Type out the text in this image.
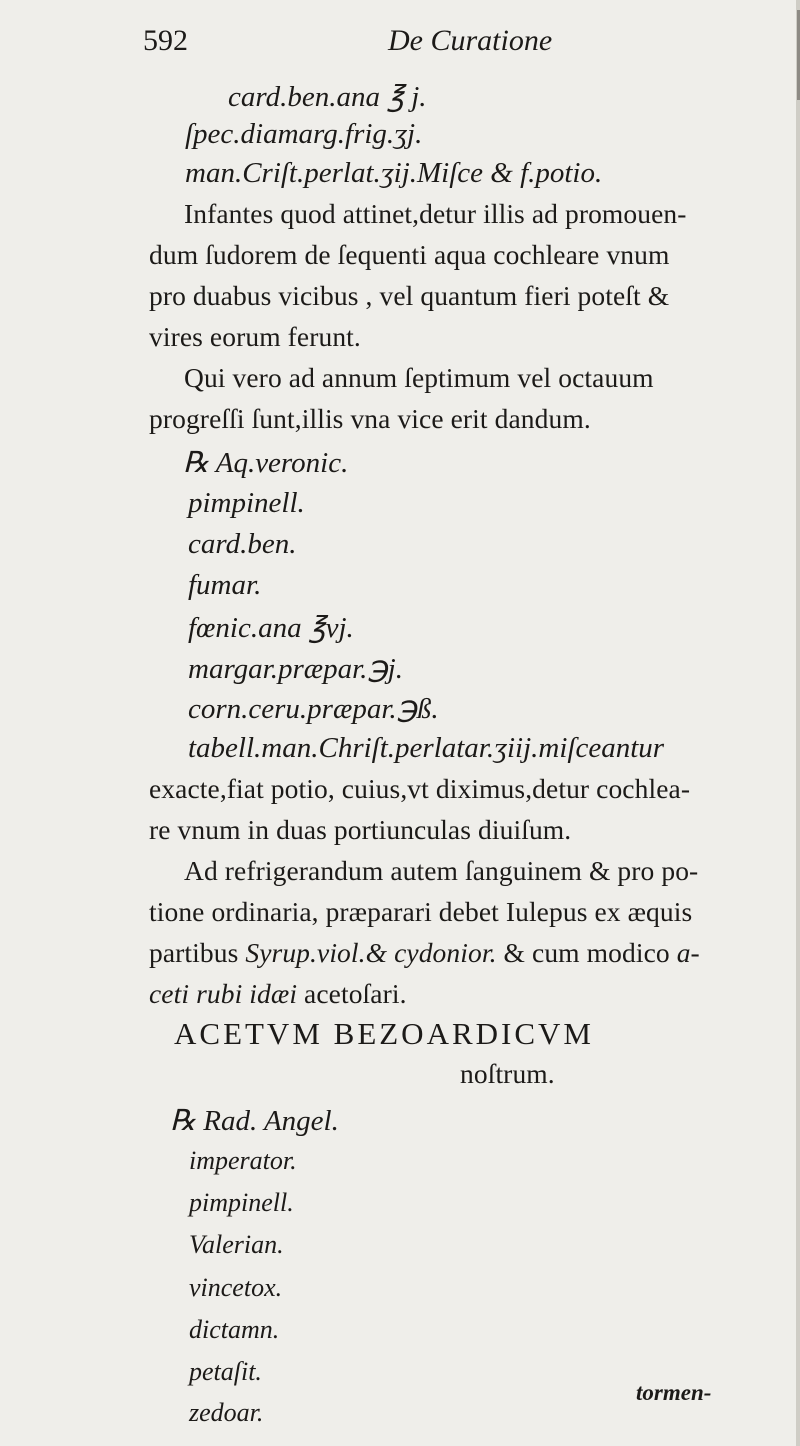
592	De Curatione
card.ben.ana ℥ j.
ſpec.diamarg.frig.ʒj.
man.Criſt.perlat.ʒij.Miſce & f.potio.
Infantes quod attinet,detur illis ad promouen-
dum ſudorem de ſequenti aqua cochleare vnum
pro duabus vicibus , vel quantum fieri poteſt &
vires eorum ferunt.
Qui vero ad annum ſeptimum vel octauum
progreſſi ſunt,illis vna vice erit dandum.
℞ Aq.veronic.
pimpinell.
card.ben.
fumar.
fœnic.ana ℥vj.
margar.præpar.℈j.
corn.ceru.præpar.℈ß.
tabell.man.Chriſt.perlatar.ʒiij.miſceantur
exacte,fiat potio, cuius,vt diximus,detur cochlea-
re vnum in duas portiunculas diuiſum.
Ad refrigerandum autem ſanguinem & pro po-
tione ordinaria, præparari debet Iulepus ex æquis
partibus Syrup.viol.& cydonior. & cum modico a-
ceti rubi idæi acetoſari.
ACETVM BEZOARDICVM
noſtrum.
℞ Rad. Angel.
imperator.
pimpinell.
Valerian.
vincetox.
dictamn.
petaſit.
zedoar.
tormen-
